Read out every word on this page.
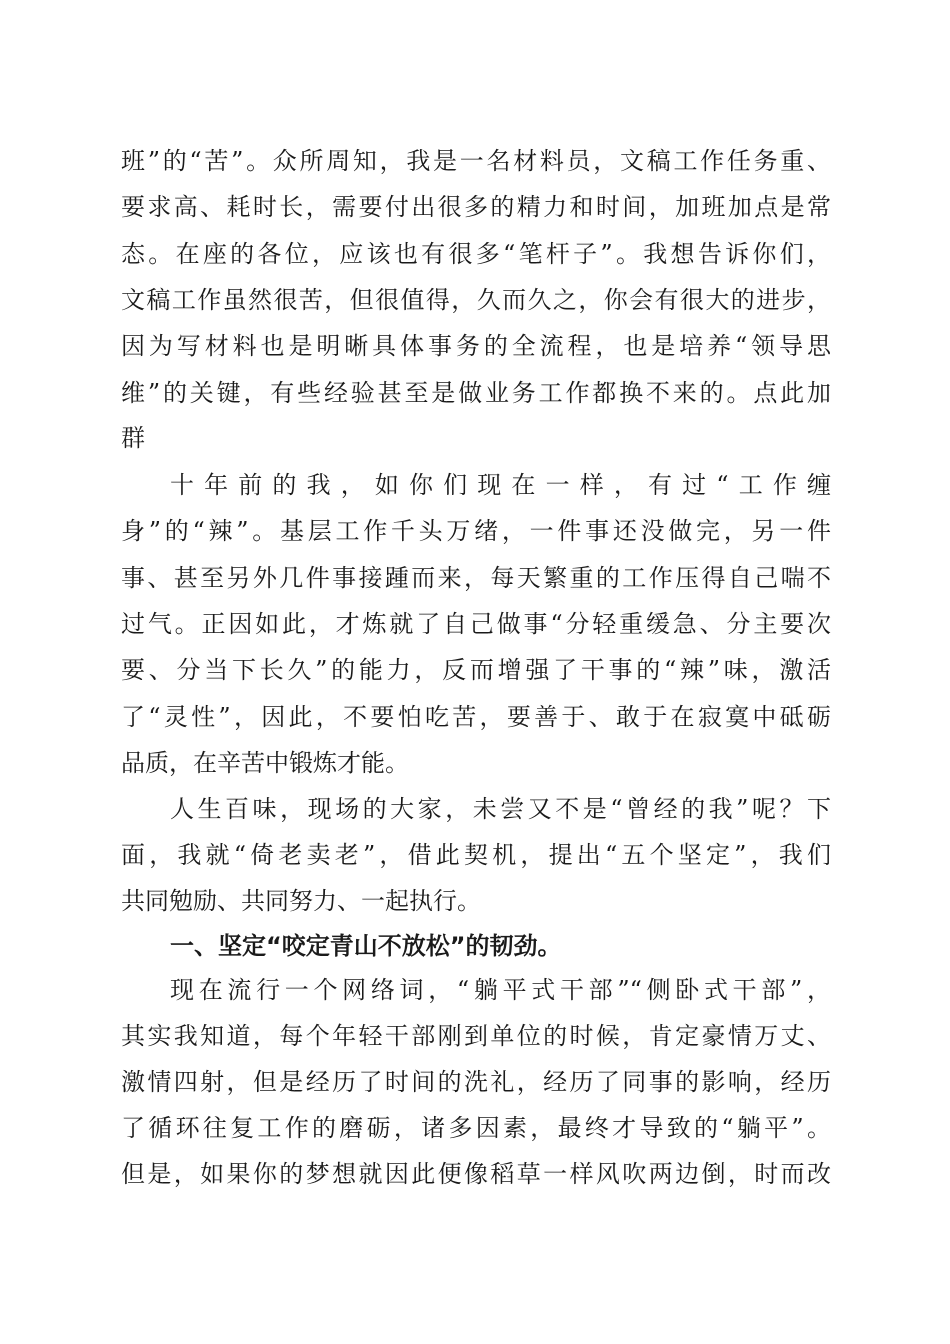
班”的“苦”。众所周知，我是一名材料员，文稿工作任务重、
要求高、耗时长，需要付出很多的精力和时间，加班加点是常
态。在座的各位，应该也有很多“笔杆子”。我想告诉你们，
文稿工作虽然很苦，但很值得，久而久之，你会有很大的进步，
因为写材料也是明晰具体事务的全流程，也是培养“领导思
维”的关键，有些经验甚至是做业务工作都换不来的。点此加
群
十年前的我，如你们现在一样，有过“工作缠
身”的“辣”。基层工作千头万绪，一件事还没做完，另一件
事、甚至另外几件事接踵而来，每天繁重的工作压得自己喘不
过气。正因如此，才炼就了自己做事“分轻重缓急、分主要次
要、分当下长久”的能力，反而增强了干事的“辣”味，激活
了“灵性”，因此，不要怕吃苦，要善于、敢于在寂寞中砥砺
品质，在辛苦中锻炼才能。
人生百味，现场的大家，未尝又不是“曾经的我”呢？下
面，我就“倚老卖老”，借此契机，提出“五个坚定”，我们
共同勉励、共同努力、一起执行。
一、坚定“咬定青山不放松”的韧劲。
现在流行一个网络词，“躺平式干部”“侧卧式干部”，
其实我知道，每个年轻干部刚到单位的时候，肯定豪情万丈、
激情四射，但是经历了时间的洗礼，经历了同事的影响，经历
了循环往复工作的磨砺，诸多因素，最终才导致的“躺平”。
但是，如果你的梦想就因此便像稻草一样风吹两边倒，时而改
